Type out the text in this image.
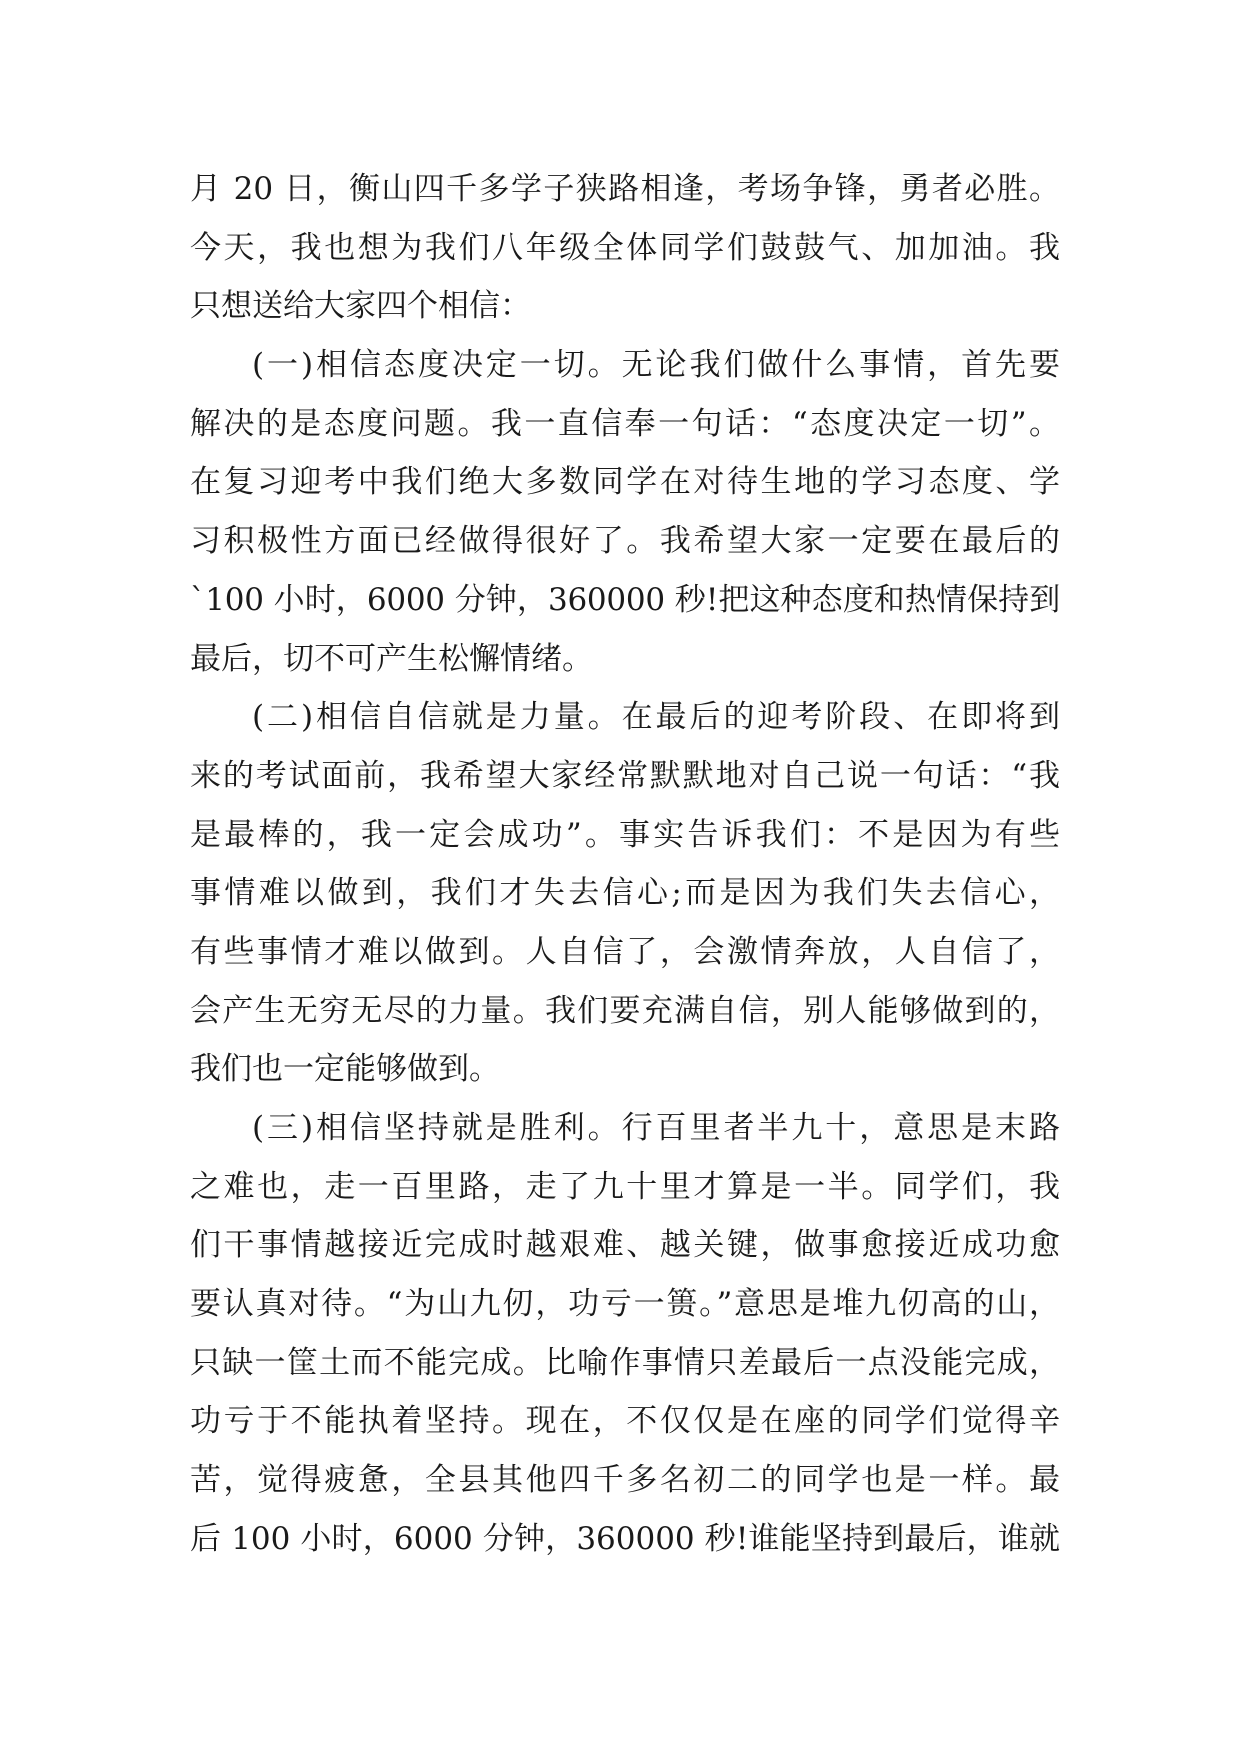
月 20 日，衡山四千多学子狭路相逢，考场争锋，勇者必胜。
今天，我也想为我们八年级全体同学们鼓鼓气、加加油。我
只想送给大家四个相信：
(一)相信态度决定一切。无论我们做什么事情，首先要
解决的是态度问题。我一直信奉一句话：“态度决定一切”。
在复习迎考中我们绝大多数同学在对待生地的学习态度、学
习积极性方面已经做得很好了。我希望大家一定要在最后的
`100 小时，6000 分钟，360000 秒!把这种态度和热情保持到
最后，切不可产生松懈情绪。
(二)相信自信就是力量。在最后的迎考阶段、在即将到
来的考试面前，我希望大家经常默默地对自己说一句话：“我
是最棒的，我一定会成功”。事实告诉我们：不是因为有些
事情难以做到，我们才失去信心;而是因为我们失去信心，
有些事情才难以做到。人自信了，会激情奔放，人自信了，
会产生无穷无尽的力量。我们要充满自信，别人能够做到的，
我们也一定能够做到。
(三)相信坚持就是胜利。行百里者半九十，意思是末路
之难也，走一百里路，走了九十里才算是一半。同学们，我
们干事情越接近完成时越艰难、越关键，做事愈接近成功愈
要认真对待。“为山九仞，功亏一篑。”意思是堆九仞高的山，
只缺一筐土而不能完成。比喻作事情只差最后一点没能完成，
功亏于不能执着坚持。现在，不仅仅是在座的同学们觉得辛
苦，觉得疲惫，全县其他四千多名初二的同学也是一样。最
后 100 小时，6000 分钟，360000 秒!谁能坚持到最后，谁就
